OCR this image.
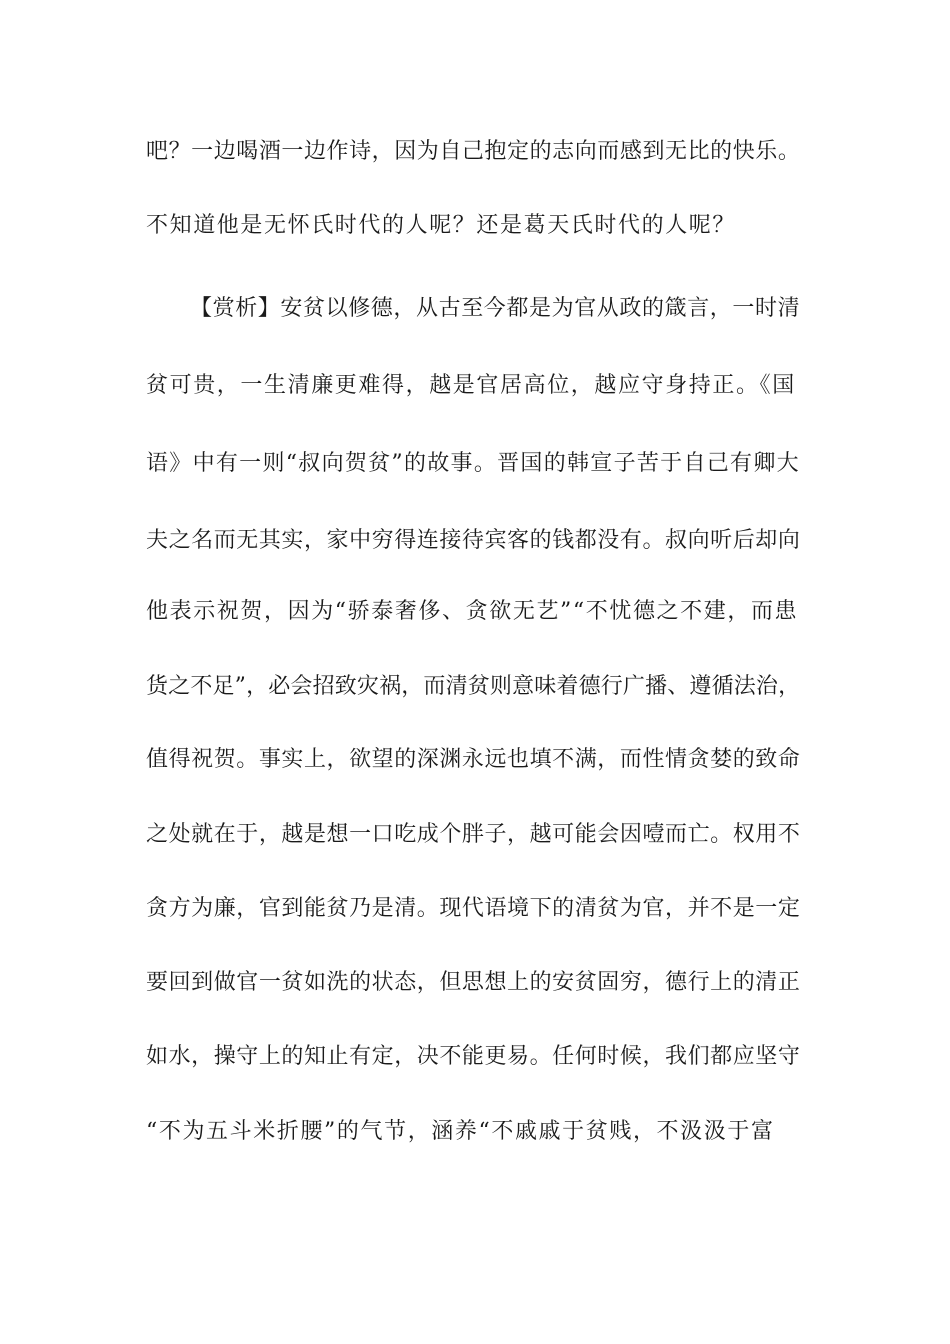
吧？一边喝酒一边作诗，因为自己抱定的志向而感到无比的快乐。
不知道他是无怀氏时代的人呢？还是葛天氏时代的人呢？
【赏析】安贫以修德，从古至今都是为官从政的箴言，一时清
贫可贵，一生清廉更难得，越是官居高位，越应守身持正。《国
语》中有一则“叔向贺贫”的故事。晋国的韩宣子苦于自己有卿大
夫之名而无其实，家中穷得连接待宾客的钱都没有。叔向听后却向
他表示祝贺，因为“骄泰奢侈、贪欲无艺”“不忧德之不建，而患
货之不足”，必会招致灾祸，而清贫则意味着德行广播、遵循法治，
值得祝贺。事实上，欲望的深渊永远也填不满，而性情贪婪的致命
之处就在于，越是想一口吃成个胖子，越可能会因噎而亡。权用不
贪方为廉，官到能贫乃是清。现代语境下的清贫为官，并不是一定
要回到做官一贫如洗的状态，但思想上的安贫固穷，德行上的清正
如水，操守上的知止有定，决不能更易。任何时候，我们都应坚守
“不为五斗米折腰”的气节，涵养“不戚戚于贫贱，不汲汲于富
